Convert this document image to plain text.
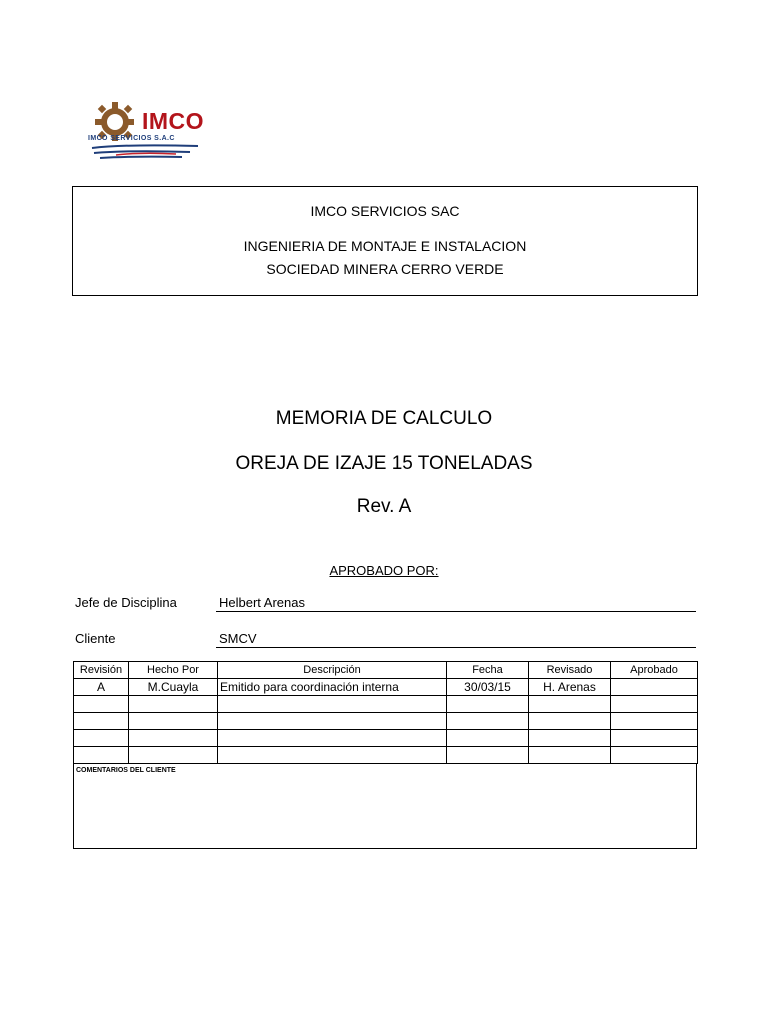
IMCO
IMCO SERVICIOS S.A.C
IMCO SERVICIOS SAC
INGENIERIA DE MONTAJE E INSTALACION
SOCIEDAD MINERA CERRO VERDE
MEMORIA DE CALCULO
OREJA DE IZAJE 15 TONELADAS
Rev. A
APROBADO POR:
Jefe de Disciplina	Helbert Arenas
Cliente	SMCV
Revisión	Hecho Por	Descripción	Fecha	Revisado	Aprobado
A	M.Cuayla	Emitido para coordinación interna	30/03/15	H. Arenas	

COMENTARIOS DEL CLIENTE
